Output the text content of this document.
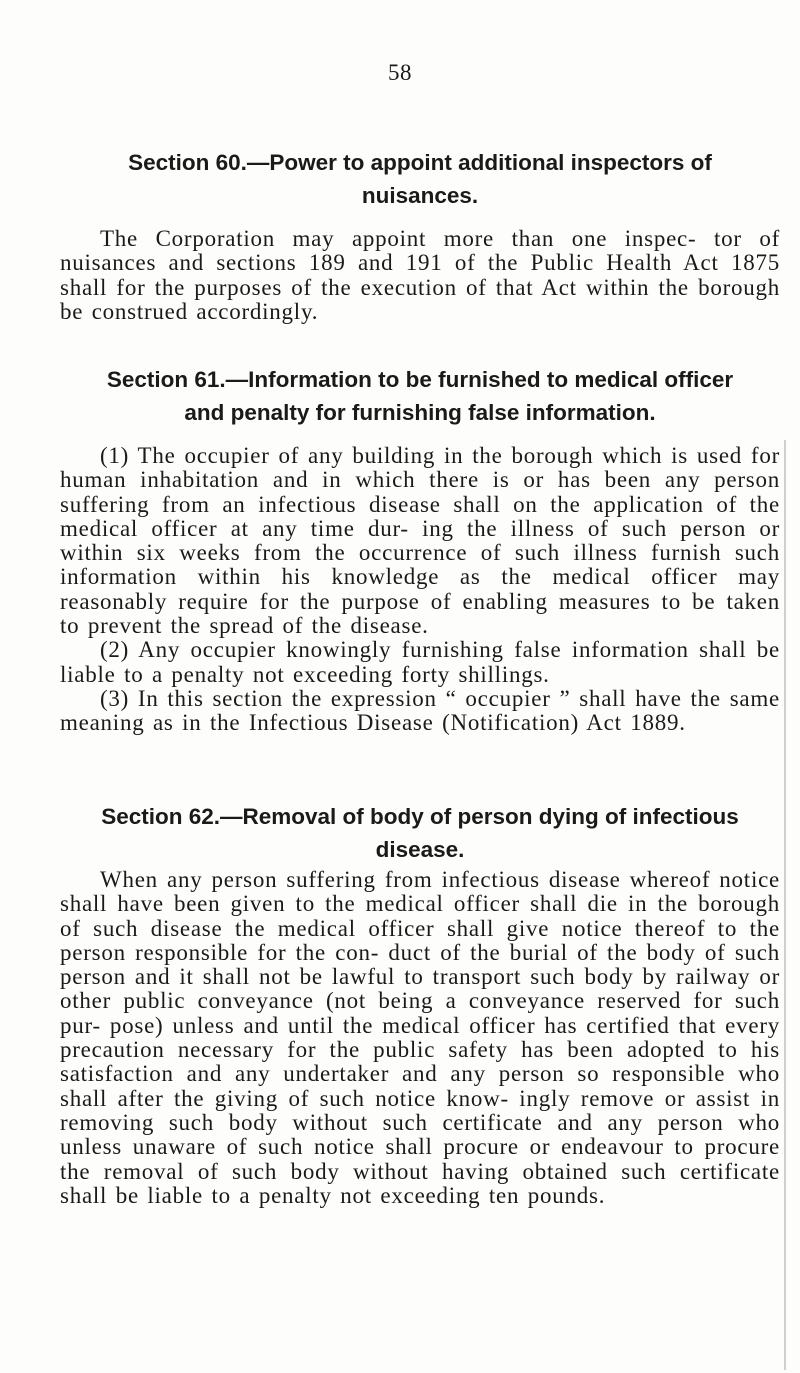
58
Section 60.—Power to appoint additional inspectors of
nuisances.

The Corporation may appoint more than one inspec- tor of nuisances and sections 189 and 191 of the Public Health Act 1875 shall for the purposes of the execution of that Act within the borough be construed accordingly.

Section 61.—Information to be furnished to medical officer
and penalty for furnishing false information.

(1) The occupier of any building in the borough which is used for human inhabitation and in which there is or has been any person suffering from an infectious disease shall on the application of the medical officer at any time dur- ing the illness of such person or within six weeks from the occurrence of such illness furnish such information within his knowledge as the medical officer may reasonably require for the purpose of enabling measures to be taken to prevent the spread of the disease.

(2) Any occupier knowingly furnishing false information shall be liable to a penalty not exceeding forty shillings.

(3) In this section the expression “ occupier ” shall have the same meaning as in the Infectious Disease (Notification) Act 1889.

Section 62.—Removal of body of person dying of infectious
disease.

When any person suffering from infectious disease whereof notice shall have been given to the medical officer shall die in the borough of such disease the medical officer shall give notice thereof to the person responsible for the con- duct of the burial of the body of such person and it shall not be lawful to transport such body by railway or other public conveyance (not being a conveyance reserved for such pur- pose) unless and until the medical officer has certified that every precaution necessary for the public safety has been adopted to his satisfaction and any undertaker and any person so responsible who shall after the giving of such notice know- ingly remove or assist in removing such body without such certificate and any person who unless unaware of such notice shall procure or endeavour to procure the removal of such body without having obtained such certificate shall be liable to a penalty not exceeding ten pounds.
